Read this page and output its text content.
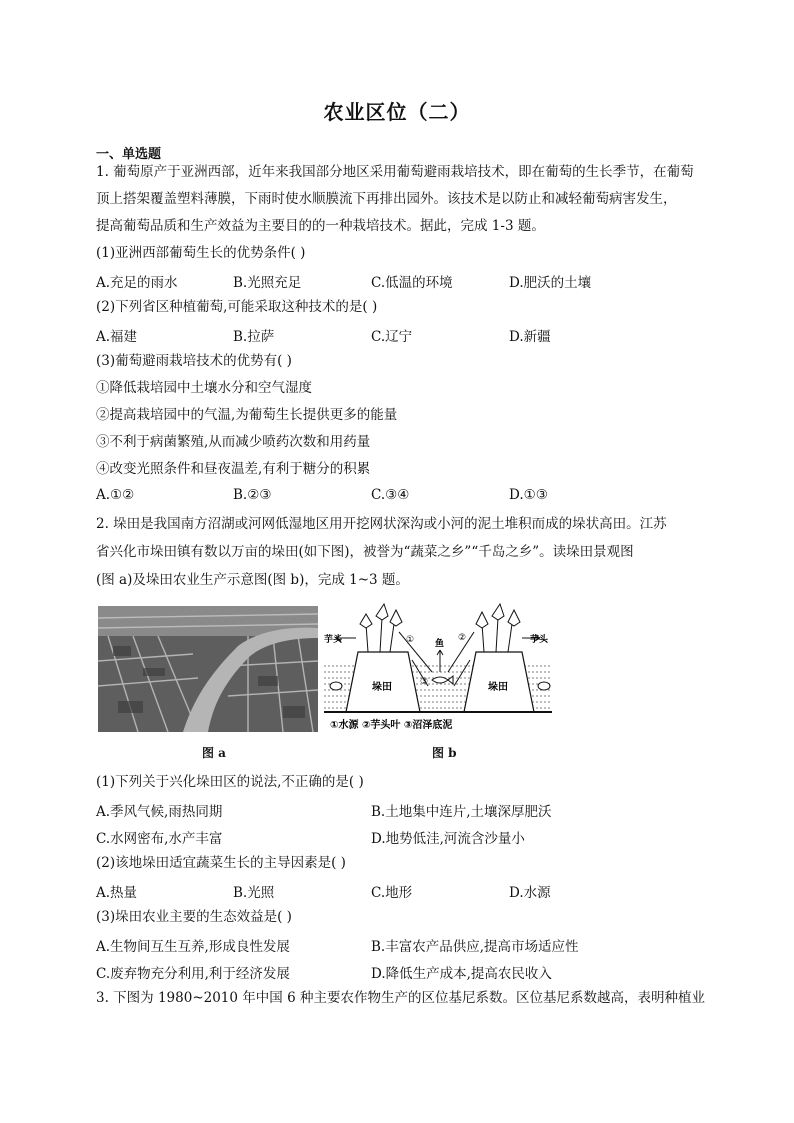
农业区位（二）
一、单选题
1. 葡萄原产于亚洲西部，近年来我国部分地区采用葡萄避雨栽培技术，即在葡萄的生长季节，在葡萄
顶上搭架覆盖塑料薄膜，下雨时使水顺膜流下再排出园外。该技术是以防止和减轻葡萄病害发生，
提高葡萄品质和生产效益为主要目的的一种栽培技术。据此，完成 1-3 题。
(1)亚洲西部葡萄生长的优势条件( )
A.充足的雨水	B.光照充足	C.低温的环境	D.肥沃的土壤
(2)下列省区种植葡萄,可能采取这种技术的是( )
A.福建	B.拉萨	C.辽宁	D.新疆
(3)葡萄避雨栽培技术的优势有( )
①降低栽培园中土壤水分和空气湿度
②提高栽培园中的气温,为葡萄生长提供更多的能量
③不利于病菌繁殖,从而减少喷药次数和用药量
④改变光照条件和昼夜温差,有利于糖分的积累
A.①②	B.②③	C.③④	D.①③
2. 垛田是我国南方沼湖或河网低湿地区用开挖网状深沟或小河的泥土堆积而成的垛状高田。江苏
省兴化市垛田镇有数以万亩的垛田(如下图)，被誉为“蔬菜之乡”“千岛之乡”。读垛田景观图
(图 a)及垛田农业生产示意图(图 b)，完成 1~3 题。
芋头	芋头
鱼
垛田	垛田
①	②
③
①水源 ②芋头叶 ③沼泽底泥
图 a	图 b
(1)下列关于兴化垛田区的说法,不正确的是( )
A.季风气候,雨热同期	B.土地集中连片,土壤深厚肥沃
C.水网密布,水产丰富	D.地势低洼,河流含沙量小
(2)该地垛田适宜蔬菜生长的主导因素是( )
A.热量	B.光照	C.地形	D.水源
(3)垛田农业主要的生态效益是( )
A.生物间互生互养,形成良性发展	B.丰富农产品供应,提高市场适应性
C.废弃物充分利用,利于经济发展	D.降低生产成本,提高农民收入
3. 下图为 1980~2010 年中国 6 种主要农作物生产的区位基尼系数。区位基尼系数越高，表明种植业
